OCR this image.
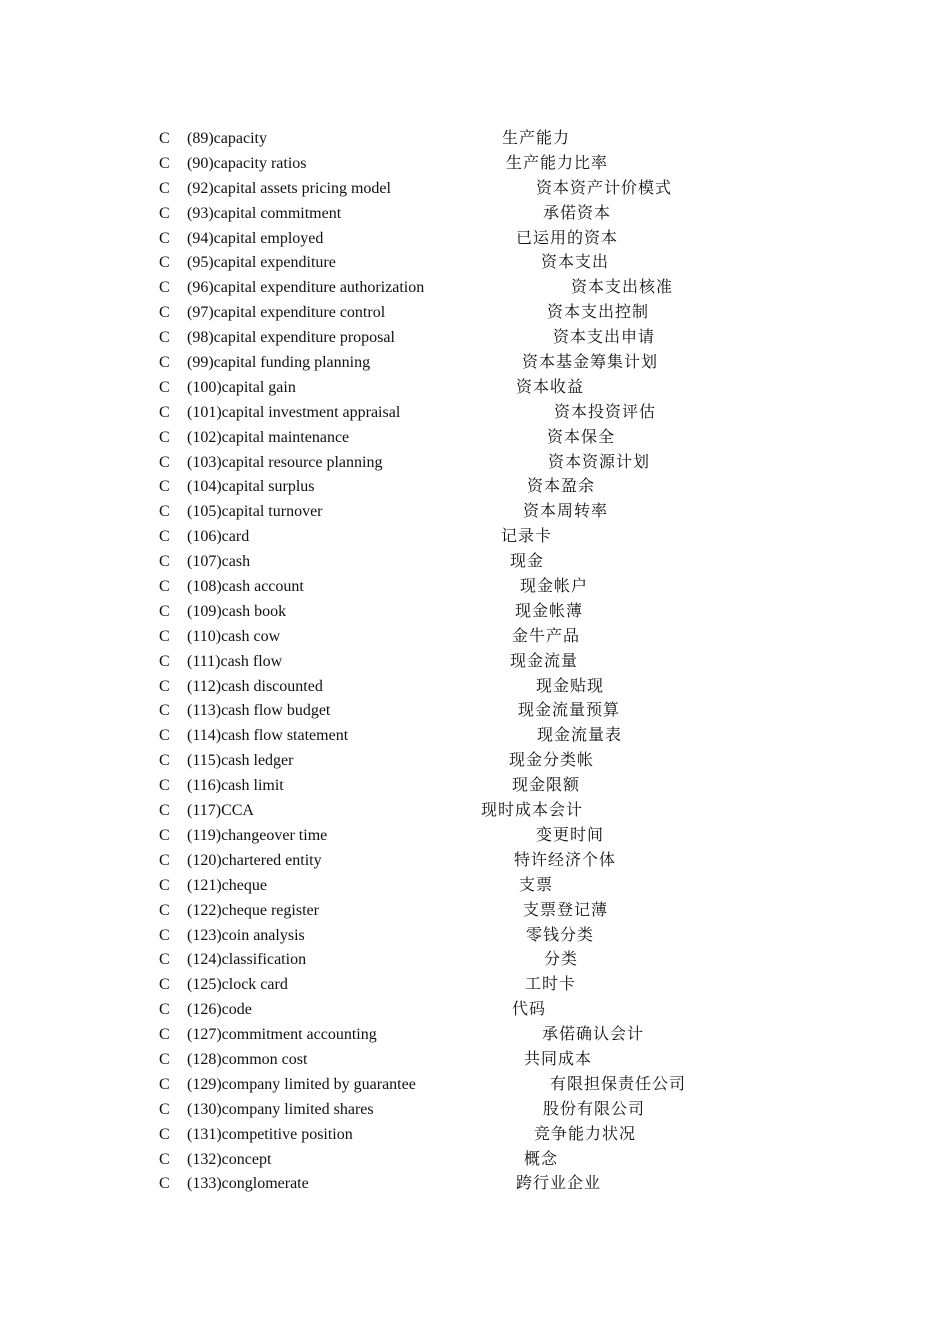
C (89)capacity	生产能力
C (90)capacity ratios	生产能力比率
C (92)capital assets pricing model	资本资产计价模式
C (93)capital commitment	承偌资本
C (94)capital employed	已运用的资本
C (95)capital expenditure	资本支出
C (96)capital expenditure authorization	资本支出核准
C (97)capital expenditure control	资本支出控制
C (98)capital expenditure proposal	资本支出申请
C (99)capital funding planning	资本基金筹集计划
C (100)capital gain	资本收益
C (101)capital investment appraisal	资本投资评估
C (102)capital maintenance	资本保全
C (103)capital resource planning	资本资源计划
C (104)capital surplus	资本盈余
C (105)capital turnover	资本周转率
C (106)card	记录卡
C (107)cash	现金
C (108)cash account	现金帐户
C (109)cash book	现金帐薄
C (110)cash cow	金牛产品
C (111)cash flow	现金流量
C (112)cash discounted	现金贴现
C (113)cash flow budget	现金流量预算
C (114)cash flow statement	现金流量表
C (115)cash ledger	现金分类帐
C (116)cash limit	现金限额
C (117)CCA	现时成本会计
C (119)changeover time	变更时间
C (120)chartered entity	特许经济个体
C (121)cheque	支票
C (122)cheque register	支票登记薄
C (123)coin analysis	零钱分类
C (124)classification	分类
C (125)clock card	工时卡
C (126)code	代码
C (127)commitment accounting	承偌确认会计
C (128)common cost	共同成本
C (129)company limited by guarantee	有限担保责任公司
C (130)company limited shares	股份有限公司
C (131)competitive position	竞争能力状况
C (132)concept	概念
C (133)conglomerate	跨行业企业
